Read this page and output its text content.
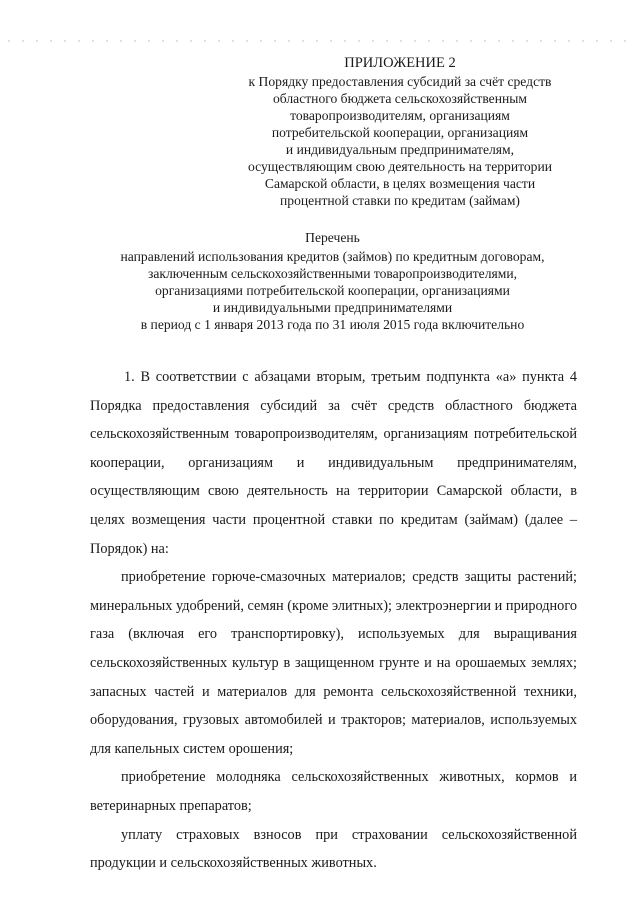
ПРИЛОЖЕНИЕ 2
к Порядку предоставления субсидий за счёт средств
областного бюджета сельскохозяйственным
товаропроизводителям, организациям
потребительской кооперации, организациям
и индивидуальным предпринимателям,
осуществляющим свою деятельность на территории
Самарской области, в целях возмещения части
процентной ставки по кредитам (займам)
Перечень
направлений использования кредитов (займов) по кредитным договорам,
заключенным сельскохозяйственными товаропроизводителями,
организациями потребительской кооперации, организациями
и индивидуальными предпринимателями
в период с 1 января 2013 года по 31 июля 2015 года включительно

1. В соответствии с абзацами вторым, третьим подпункта «а» пункта 4 Порядка предоставления субсидий за счёт средств областного бюджета сельскохозяйственным товаропроизводителям, организациям потребительской кооперации, организациям и индивидуальным предпринимателям, осуществляющим свою деятельность на территории Самарской области, в целях возмещения части процентной ставки по кредитам (займам) (далее – Порядок) на:

приобретение горюче-смазочных материалов; средств защиты растений; минеральных удобрений, семян (кроме элитных); электроэнергии и природного газа (включая его транспортировку), используемых для выращивания сельскохозяйственных культур в защищенном грунте и на орошаемых землях; запасных частей и материалов для ремонта сельскохозяйственной техники, оборудования, грузовых автомобилей и тракторов; материалов, используемых для капельных систем орошения;

приобретение молодняка сельскохозяйственных животных, кормов и ветеринарных препаратов;

уплату страховых взносов при страховании сельскохозяйственной продукции и сельскохозяйственных животных.
